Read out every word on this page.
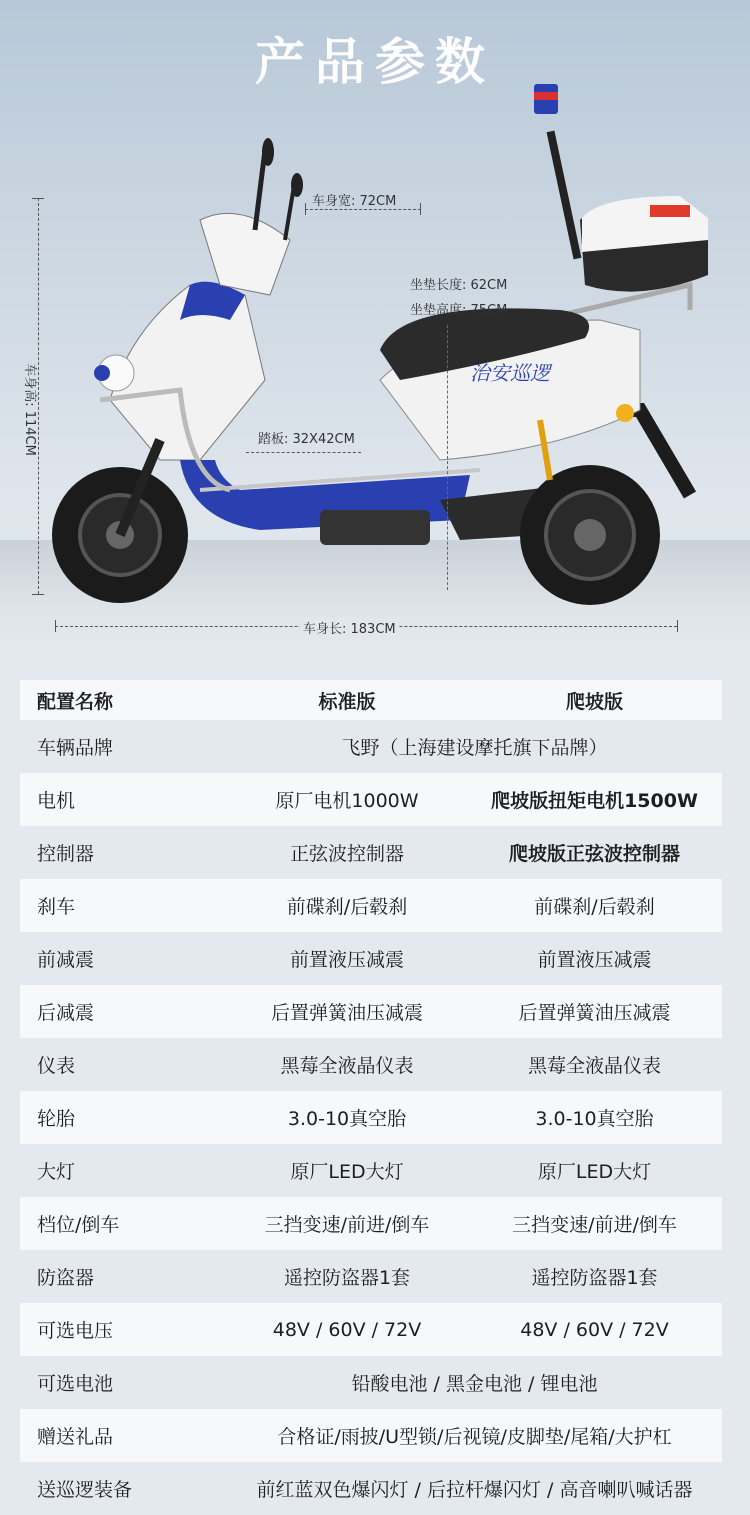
产品参数
治安巡逻
车身宽: 72CM
坐垫长度: 62CM
坐垫高度: 75CM
踏板: 32X42CM
车身高: 114CM
车身长: 183CM
配置名称	标准版	爬坡版
车辆品牌	飞野（上海建设摩托旗下品牌）	
电机	原厂电机1000W	爬坡版扭矩电机1500W
控制器	正弦波控制器	爬坡版正弦波控制器
刹车	前碟刹/后毂刹	前碟刹/后毂刹
前减震	前置液压减震	前置液压减震
后减震	后置弹簧油压减震	后置弹簧油压减震
仪表	黑莓全液晶仪表	黑莓全液晶仪表
轮胎	3.0-10真空胎	3.0-10真空胎
大灯	原厂LED大灯	原厂LED大灯
档位/倒车	三挡变速/前进/倒车	三挡变速/前进/倒车
防盗器	遥控防盗器1套	遥控防盗器1套
可选电压	48V / 60V / 72V	48V / 60V / 72V
可选电池	铅酸电池 / 黑金电池 / 锂电池	
赠送礼品	合格证/雨披/U型锁/后视镜/皮脚垫/尾箱/大护杠	
送巡逻装备	前红蓝双色爆闪灯 / 后拉杆爆闪灯 / 高音喇叭喊话器	
